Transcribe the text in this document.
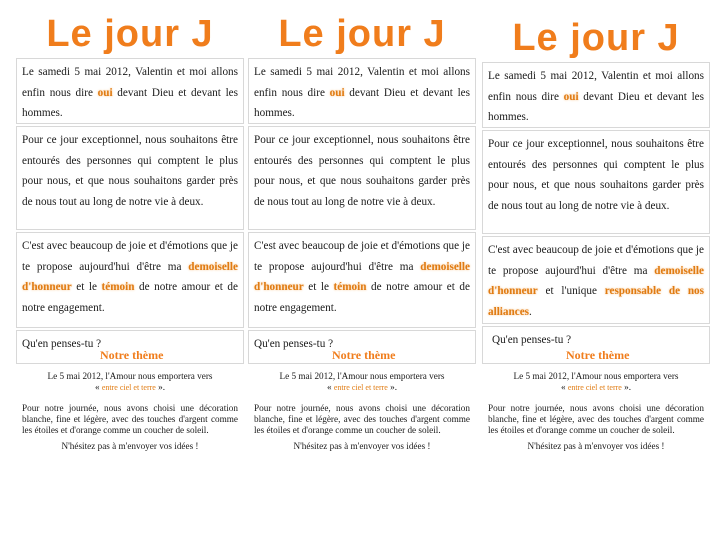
Le jour J
Le samedi 5 mai 2012, Valentin et moi allons enfin nous dire oui devant Dieu et devant les hommes.
Pour ce jour exceptionnel, nous souhaitons être entourés des personnes qui comptent le plus pour nous, et que nous souhaitons garder près de nous tout au long de notre vie à deux.
C'est avec beaucoup de joie et d'émotions que je te propose aujourd'hui d'être ma demoiselle d'honneur et le témoin de notre amour et de notre engagement.
Qu'en penses-tu ?
Notre thème
Le 5 mai 2012, l'Amour nous emportera vers
« entre ciel et terre ».
Pour notre journée, nous avons choisi une décoration blanche, fine et légère, avec des touches d'argent comme les étoiles et d'orange comme un coucher de soleil.
N'hésitez pas à m'envoyer vos idées !
Le jour J
Le samedi 5 mai 2012, Valentin et moi allons enfin nous dire oui devant Dieu et devant les hommes.
Pour ce jour exceptionnel, nous souhaitons être entourés des personnes qui comptent le plus pour nous, et que nous souhaitons garder près de nous tout au long de notre vie à deux.
C'est avec beaucoup de joie et d'émotions que je te propose aujourd'hui d'être ma demoiselle d'honneur et le témoin de notre amour et de notre engagement.
Qu'en penses-tu ?
Notre thème
Le 5 mai 2012, l'Amour nous emportera vers
« entre ciel et terre ».
Pour notre journée, nous avons choisi une décoration blanche, fine et légère, avec des touches d'argent comme les étoiles et d'orange comme un coucher de soleil.
N'hésitez pas à m'envoyer vos idées !
Le jour J
Le samedi 5 mai 2012, Valentin et moi allons enfin nous dire oui devant Dieu et devant les hommes.
Pour ce jour exceptionnel, nous souhaitons être entourés des personnes qui comptent le plus pour nous, et que nous souhaitons garder près de nous tout au long de notre vie à deux.
C'est avec beaucoup de joie et d'émotions que je te propose aujourd'hui d'être ma demoiselle d'honneur et l'unique responsable de nos alliances.
Qu'en penses-tu ?
Notre thème
Le 5 mai 2012, l'Amour nous emportera vers
« entre ciel et terre ».
Pour notre journée, nous avons choisi une décoration blanche, fine et légère, avec des touches d'argent comme les étoiles et d'orange comme un coucher de soleil.
N'hésitez pas à m'envoyer vos idées !
